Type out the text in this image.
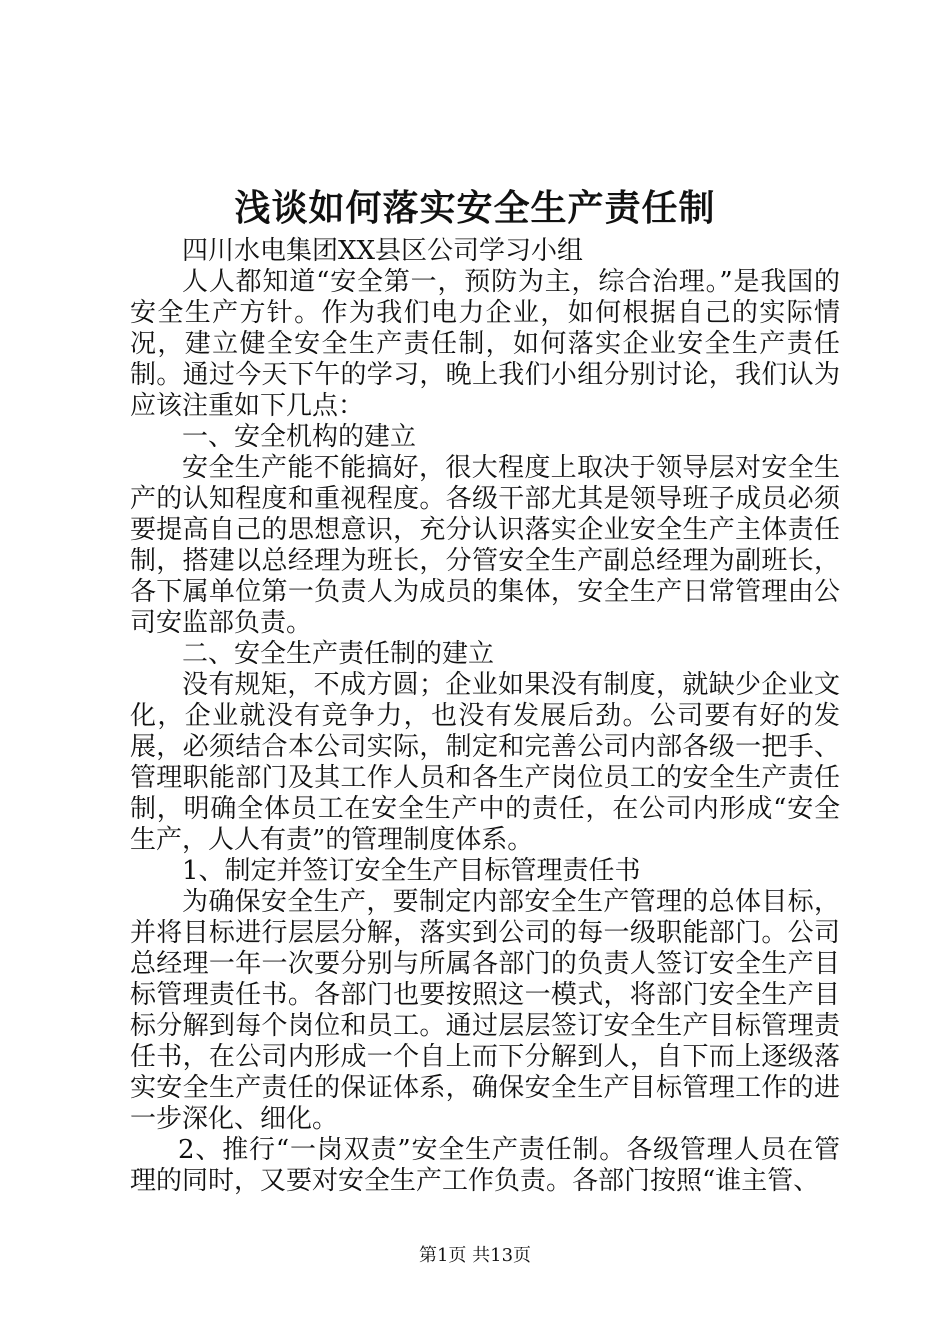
浅谈如何落实安全生产责任制

四川水电集团XX县区公司学习小组

人人都知道“安全第一，预防为主，综合治理。”是我国的安全生产方针。作为我们电力企业，如何根据自己的实际情况，建立健全安全生产责任制，如何落实企业安全生产责任制。通过今天下午的学习，晚上我们小组分别讨论，我们认为应该注重如下几点：

一、安全机构的建立

安全生产能不能搞好，很大程度上取决于领导层对安全生产的认知程度和重视程度。各级干部尤其是领导班子成员必须要提高自己的思想意识，充分认识落实企业安全生产主体责任制，搭建以总经理为班长，分管安全生产副总经理为副班长，各下属单位第一负责人为成员的集体，安全生产日常管理由公司安监部负责。

二、安全生产责任制的建立

没有规矩，不成方圆；企业如果没有制度，就缺少企业文化，企业就没有竞争力，也没有发展后劲。公司要有好的发展，必须结合本公司实际，制定和完善公司内部各级一把手、管理职能部门及其工作人员和各生产岗位员工的安全生产责任制，明确全体员工在安全生产中的责任，在公司内形成“安全生产，人人有责”的管理制度体系。

1、制定并签订安全生产目标管理责任书

为确保安全生产，要制定内部安全生产管理的总体目标，并将目标进行层层分解，落实到公司的每一级职能部门。公司总经理一年一次要分别与所属各部门的负责人签订安全生产目标管理责任书。各部门也要按照这一模式，将部门安全生产目标分解到每个岗位和员工。通过层层签订安全生产目标管理责任书，在公司内形成一个自上而下分解到人，自下而上逐级落实安全生产责任的保证体系，确保安全生产目标管理工作的进一步深化、细化。

2、推行“一岗双责”安全生产责任制。各级管理人员在管理的同时，又要对安全生产工作负责。各部门按照“谁主管、

第1页 共13页
